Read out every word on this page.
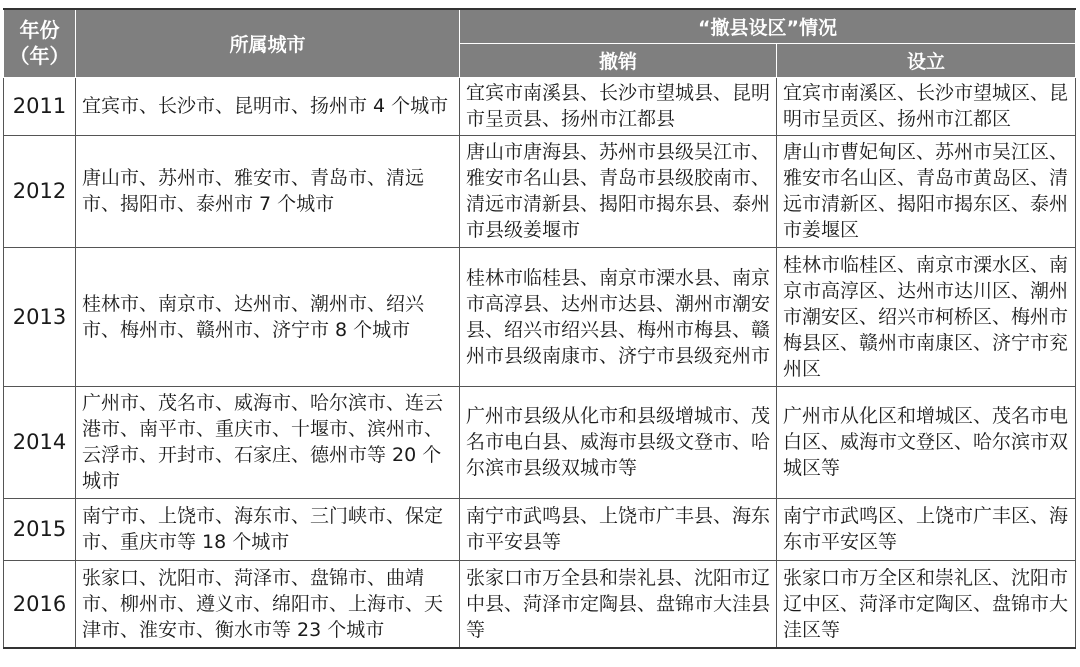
年份
（年）	所属城市	“撤县设区”情况	
		撤销	设立
2011	宜宾市、长沙市、昆明市、扬州市 4 个城市	宜宾市南溪县、长沙市望城县、昆明市呈贡县、扬州市江都县	宜宾市南溪区、长沙市望城区、昆明市呈贡区、扬州市江都区
2012	唐山市、苏州市、雅安市、青岛市、清远市、揭阳市、泰州市 7 个城市	唐山市唐海县、苏州市县级吴江市、雅安市名山县、青岛市县级胶南市、清远市清新县、揭阳市揭东县、泰州市县级姜堰市	唐山市曹妃甸区、苏州市吴江区、雅安市名山区、青岛市黄岛区、清远市清新区、揭阳市揭东区、泰州市姜堰区
2013	桂林市、南京市、达州市、潮州市、绍兴市、梅州市、赣州市、济宁市 8 个城市	桂林市临桂县、南京市溧水县、南京市高淳县、达州市达县、潮州市潮安县、绍兴市绍兴县、梅州市梅县、赣州市县级南康市、济宁市县级兖州市	桂林市临桂区、南京市溧水区、南京市高淳区、达州市达川区、潮州市潮安区、绍兴市柯桥区、梅州市梅县区、赣州市南康区、济宁市兖州区
2014	广州市、茂名市、威海市、哈尔滨市、连云港市、南平市、重庆市、十堰市、滨州市、云浮市、开封市、石家庄、德州市等 20 个城市	广州市县级从化市和县级增城市、茂名市电白县、威海市县级文登市、哈尔滨市县级双城市等	广州市从化区和增城区、茂名市电白区、威海市文登区、哈尔滨市双城区等
2015	南宁市、上饶市、海东市、三门峡市、保定市、重庆市等 18 个城市	南宁市武鸣县、上饶市广丰县、海东市平安县等	南宁市武鸣区、上饶市广丰区、海东市平安区等
2016	张家口、沈阳市、菏泽市、盘锦市、曲靖市、柳州市、遵义市、绵阳市、上海市、天津市、淮安市、衡水市等 23 个城市	张家口市万全县和崇礼县、沈阳市辽中县、菏泽市定陶县、盘锦市大洼县等	张家口市万全区和崇礼区、沈阳市辽中区、菏泽市定陶区、盘锦市大洼区等
